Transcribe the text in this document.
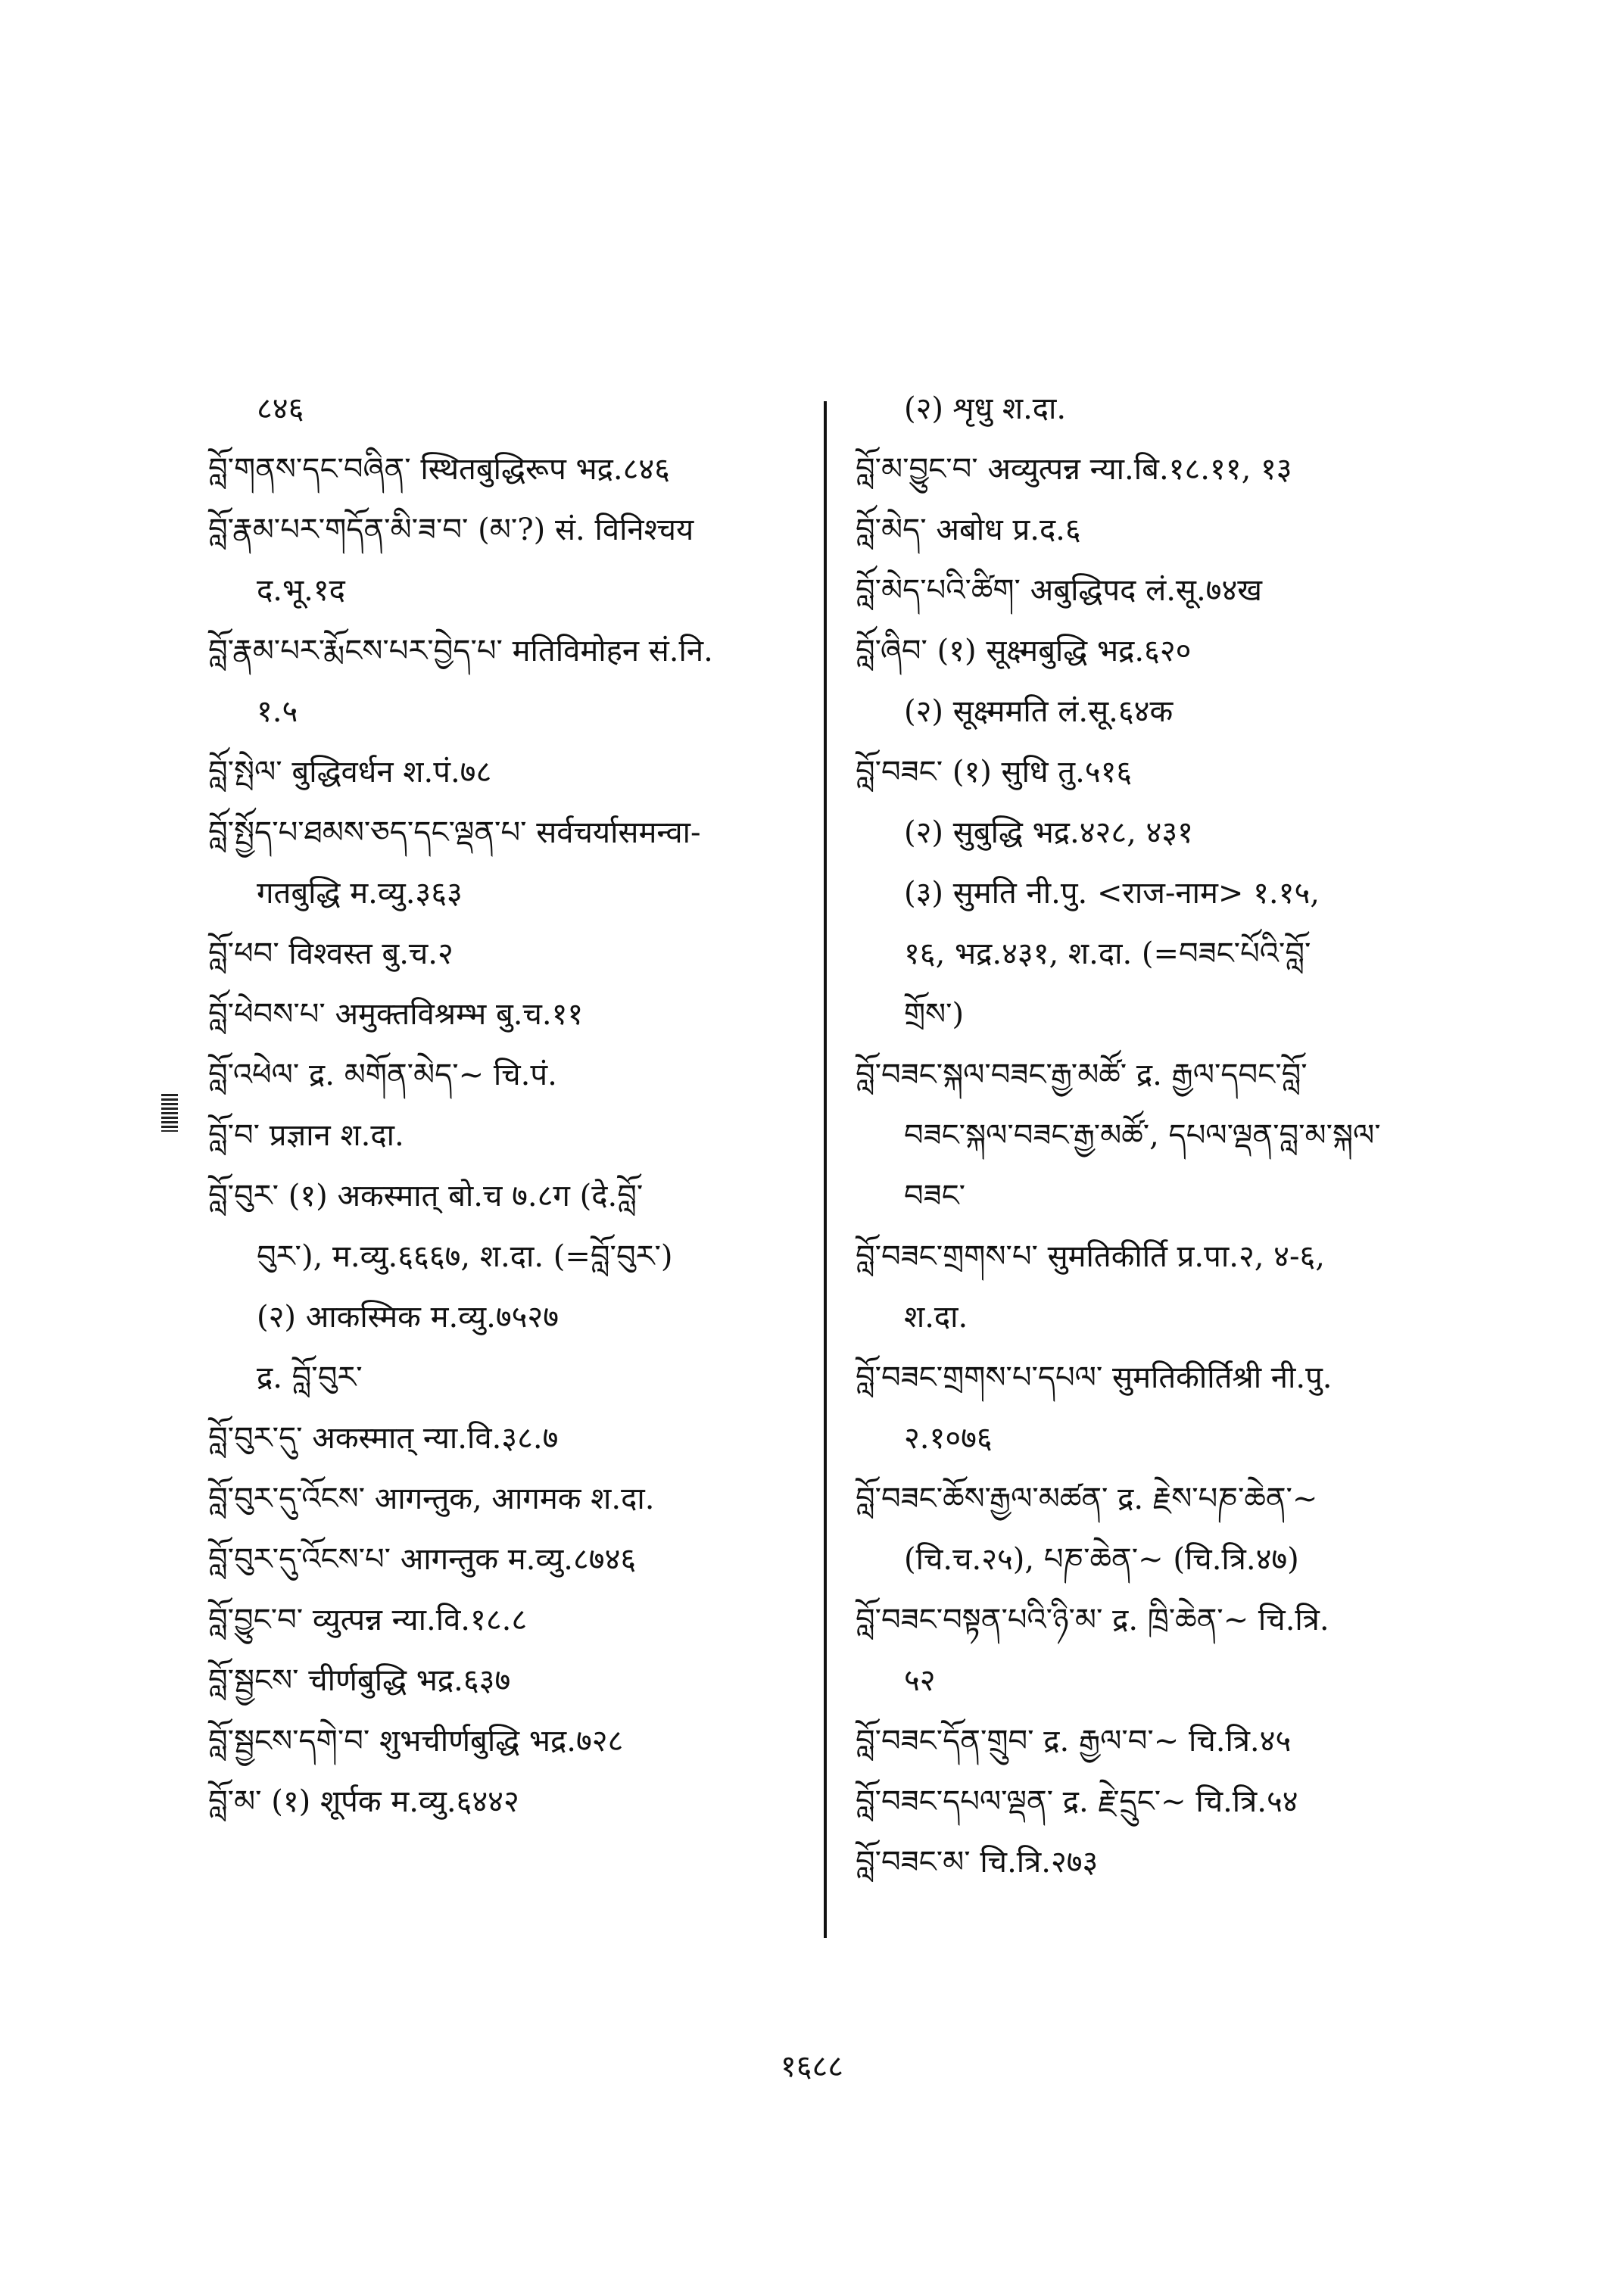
८४६
བློ་གནས་དང་བཞིན་ स्थितबुद्धिरूप भद्र.८४६
བློ་རྣམ་པར་གདོན་མི་ཟ་བ་ (མ་?) सं. विनिश्चय
द.भू.१द
བློ་རྣམ་པར་རྨོངས་པར་བྱེད་པ་ मतिविमोहन सं.नि.
१.५
བློ་སྤེལ་ बुद्धिवर्धन श.पं.७८
བློ་སྤྱོད་པ་ཐམས་ཅད་དང་ལྡན་པ་ सर्वचर्यासमन्वा-
गतबुद्धि म.व्यु.३६३
བློ་ཕབ་ विश्वस्त बु.च.२
བློ་ཕེབས་པ་ अमुक्तविश्रम्भ बु.च.११
བློ་འཕེལ་ द्र. མགོན་མེད་~ चि.पं.
བློ་བ་ प्रज्ञान श.दा.
བློ་བུར་ (१) अकस्मात् बो.च ७.८ग (दे.བློ་
བུར་), म.व्यु.६६६७, श.दा. (=བློ་བུར་)
(२) आकस्मिक म.व्यु.७५२७
द्र. བློ་བུར་
བློ་བུར་དུ་ अकस्मात् न्या.वि.३८.७
བློ་བུར་དུ་འོངས་ आगन्तुक, आगमक श.दा.
བློ་བུར་དུ་འོངས་པ་ आगन्तुक म.व्यु.८७४६
བློ་བྱུང་བ་ व्युत्पन्न न्या.वि.१८.८
བློ་སྦྱངས་ चीर्णबुद्धि भद्र.६३७
བློ་སྦྱངས་དགེ་བ་ शुभचीर्णबुद्धि भद्र.७२८
བློ་མ་ (१) शूर्पक म.व्यु.६४४२
(२) शृधु श.दा.
བློ་མ་བྱུང་བ་ अव्युत्पन्न न्या.बि.१८.११, १३
བློ་མེད་ अबोध प्र.द.६
བློ་མེད་པའི་ཚིག་ अबुद्धिपद लं.सू.७४ख
བློ་ཞིབ་ (१) सूक्ष्मबुद्धि भद्र.६२०
(२) सूक्ष्ममति लं.सू.६४क
བློ་བཟང་ (१) सुधि तु.५१६
(२) सुबुद्धि भद्र.४२८, ४३१
(३) सुमति नी.पु. <राज-नाम> १.१५,
१६, भद्र.४३१, श.दा. (=བཟང་པོའི་བློ་
གྲོས་)
བློ་བཟང་སྐལ་བཟང་རྒྱ་མཚོ་ द्र. རྒྱལ་དབང་བློ་
བཟང་སྐལ་བཟང་རྒྱ་མཚོ་, དཔལ་ལྡན་བླ་མ་སྐལ་
བཟང་
བློ་བཟང་གྲགས་པ་ सुमतिकीर्ति प्र.पा.२, ४-६,
श.दा.
བློ་བཟང་གྲགས་པ་དཔལ་ सुमतिकीर्तिश्री नी.पु.
२.१०७६
བློ་བཟང་ཆོས་རྒྱལ་མཚན་ द्र. རྗེས་པཎ་ཆེན་~
(चि.च.२५), པཎ་ཆེན་~ (चि.त्रि.४७)
བློ་བཟང་བསྟན་པའི་ཉི་མ་ द्र. ཁྲི་ཆེན་~ चि.त्रि.
५२
བློ་བཟང་དོན་གྲུབ་ द्र. རྒྱལ་བ་~ चि.त्रि.४५
བློ་བཟང་དཔལ་ལྡན་ द्र. རྗེ་དྲུང་~ चि.त्रि.५४
བློ་བཟང་མ་ चि.त्रि.२७३
१६८८
